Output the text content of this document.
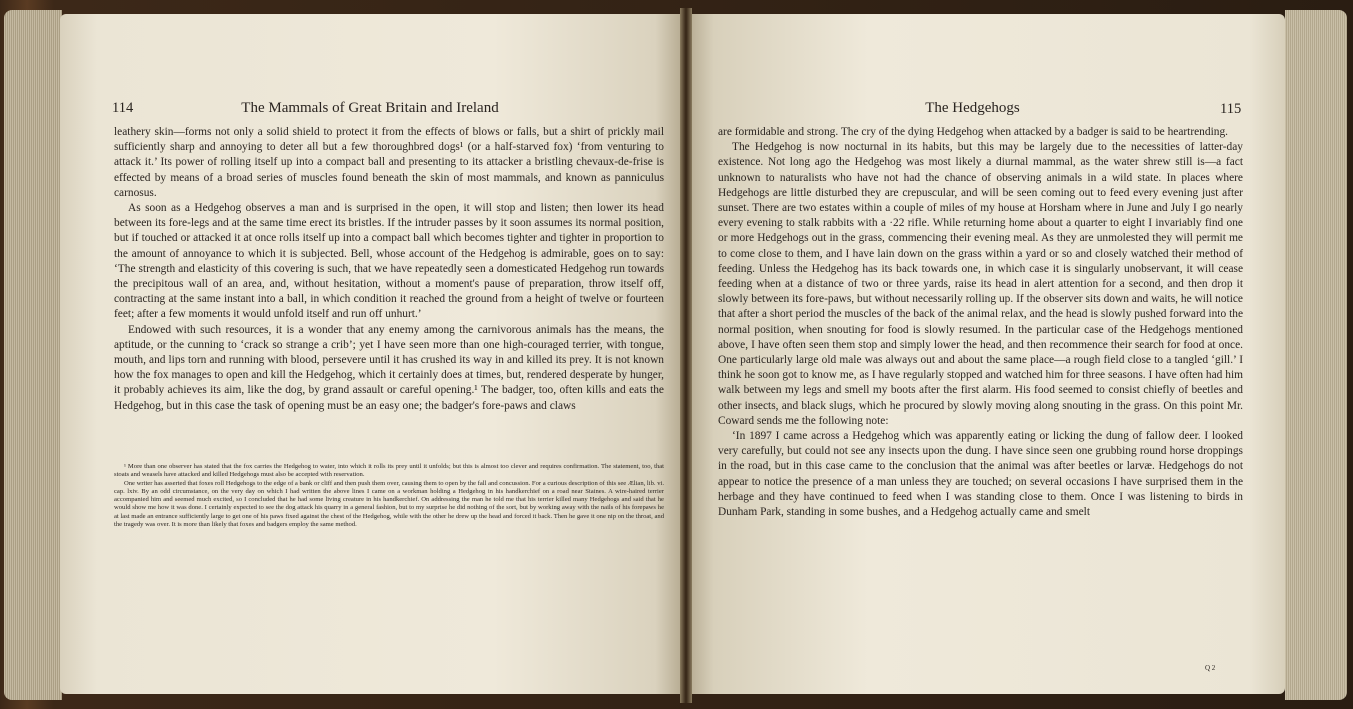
114	The Mammals of Great Britain and Ireland

leathery skin—forms not only a solid shield to protect it from the effects of blows or falls, but a shirt of prickly mail sufficiently sharp and annoying to deter all but a few thoroughbred dogs¹ (or a half-starved fox) ‘from venturing to attack it.’ Its power of rolling itself up into a compact ball and presenting to its attacker a bristling chevaux-de-frise is effected by means of a broad series of muscles found beneath the skin of most mammals, and known as panniculus carnosus.

As soon as a Hedgehog observes a man and is surprised in the open, it will stop and listen; then lower its head between its fore-legs and at the same time erect its bristles. If the intruder passes by it soon assumes its normal position, but if touched or attacked it at once rolls itself up into a compact ball which becomes tighter and tighter in proportion to the amount of annoyance to which it is subjected. Bell, whose account of the Hedgehog is admirable, goes on to say: ‘The strength and elasticity of this covering is such, that we have repeatedly seen a domesticated Hedgehog run towards the precipitous wall of an area, and, without hesitation, without a moment's pause of preparation, throw itself off, contracting at the same instant into a ball, in which condition it reached the ground from a height of twelve or fourteen feet; after a few moments it would unfold itself and run off unhurt.’

Endowed with such resources, it is a wonder that any enemy among the carnivorous animals has the means, the aptitude, or the cunning to ‘crack so strange a crib’; yet I have seen more than one high-couraged terrier, with tongue, mouth, and lips torn and running with blood, persevere until it has crushed its way in and killed its prey. It is not known how the fox manages to open and kill the Hedgehog, which it certainly does at times, but, rendered desperate by hunger, it probably achieves its aim, like the dog, by grand assault or careful opening.¹ The badger, too, often kills and eats the Hedgehog, but in this case the task of opening must be an easy one; the badger's fore-paws and claws

¹ More than one observer has stated that the fox carries the Hedgehog to water, into which it rolls its prey until it unfolds; but this is almost too clever and requires confirmation. The statement, too, that stoats and weasels have attacked and killed Hedgehogs must also be accepted with reservation.

One writer has asserted that foxes roll Hedgehogs to the edge of a bank or cliff and then push them over, causing them to open by the fall and concussion. For a curious description of this see Ælian, lib. vi. cap. lxiv. By an odd circumstance, on the very day on which I had written the above lines I came on a workman holding a Hedgehog in his handkerchief on a road near Staines. A wire-haired terrier accompanied him and seemed much excited, so I concluded that he had some living creature in his handkerchief. On addressing the man he told me that his terrier killed many Hedgehogs and said that he would show me how it was done. I certainly expected to see the dog attack his quarry in a general fashion, but to my surprise he did nothing of the sort, but by working away with the nails of his forepaws he at last made an entrance sufficiently large to get one of his paws fixed against the chest of the Hedgehog, while with the other he drew up the head and forced it back. Then he gave it one nip on the throat, and the tragedy was over. It is more than likely that foxes and badgers employ the same method.

The Hedgehogs	115

are formidable and strong. The cry of the dying Hedgehog when attacked by a badger is said to be heartrending.

The Hedgehog is now nocturnal in its habits, but this may be largely due to the necessities of latter-day existence. Not long ago the Hedgehog was most likely a diurnal mammal, as the water shrew still is—a fact unknown to naturalists who have not had the chance of observing animals in a wild state. In places where Hedgehogs are little disturbed they are crepuscular, and will be seen coming out to feed every evening just after sunset. There are two estates within a couple of miles of my house at Horsham where in June and July I go nearly every evening to stalk rabbits with a ·22 rifle. While returning home about a quarter to eight I invariably find one or more Hedgehogs out in the grass, commencing their evening meal. As they are unmolested they will permit me to come close to them, and I have lain down on the grass within a yard or so and closely watched their method of feeding. Unless the Hedgehog has its back towards one, in which case it is singularly unobservant, it will cease feeding when at a distance of two or three yards, raise its head in alert attention for a second, and then drop it slowly between its fore-paws, but without necessarily rolling up. If the observer sits down and waits, he will notice that after a short period the muscles of the back of the animal relax, and the head is slowly pushed forward into the normal position, when snouting for food is slowly resumed. In the particular case of the Hedgehogs mentioned above, I have often seen them stop and simply lower the head, and then recommence their search for food at once. One particularly large old male was always out and about the same place—a rough field close to a tangled ‘gill.’ I think he soon got to know me, as I have regularly stopped and watched him for three seasons. I have often had him walk between my legs and smell my boots after the first alarm. His food seemed to consist chiefly of beetles and other insects, and black slugs, which he procured by slowly moving along snouting in the grass. On this point Mr. Coward sends me the following note:

‘In 1897 I came across a Hedgehog which was apparently eating or licking the dung of fallow deer. I looked very carefully, but could not see any insects upon the dung. I have since seen one grubbing round horse droppings in the road, but in this case came to the conclusion that the animal was after beetles or larvæ. Hedgehogs do not appear to notice the presence of a man unless they are touched; on several occasions I have surprised them in the herbage and they have continued to feed when I was standing close to them. Once I was listening to birds in Dunham Park, standing in some bushes, and a Hedgehog actually came and smelt

Q 2
